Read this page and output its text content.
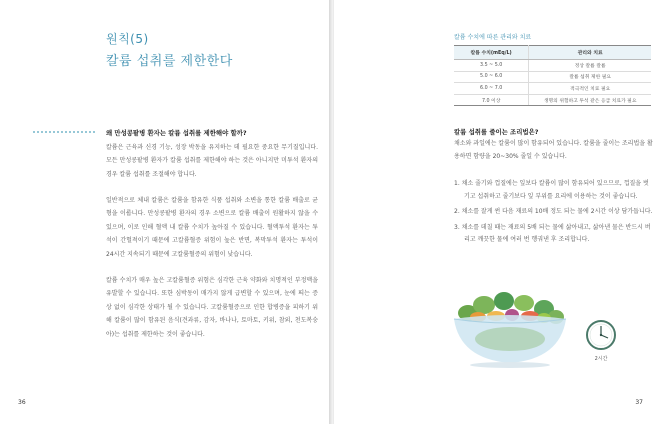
원칙(5)
칼륨 섭취를 제한한다
왜 만성콩팥병 환자는 칼륨 섭취를 제한해야 할까?

칼륨은 근육과 신경 기능, 성장 박동을 유지하는 데 필요한 중요한 무기질입니다. 모든 만성콩팥병 환자가 칼륨 섭취를 제한해야 하는 것은 아니지만 미투석 환자의 경우 칼륨 섭취를 조절해야 합니다.

일반적으로 체내 칼륨은 칼륨을 함유한 식품 섭취와 소변을 통한 칼륨 배출로 균형을 이룹니다. 만성콩팥병 환자의 경우 소변으로 칼륨 배출이 원활하지 않을 수 있으며, 이로 인해 혈액 내 칼륨 수치가 높아질 수 있습니다. 혈액투석 환자는 투석이 간헐적이기 때문에 고칼륨혈증 위험이 높은 반면, 복막투석 환자는 투석이 24시간 지속되기 때문에 고칼륨혈증의 위험이 낮습니다.

칼륨 수치가 매우 높은 고칼륨혈증 위험은 심각한 근육 약화와 치명적인 부정맥을 유발할 수 있습니다. 또한 심박동이 매가지 않게 급변할 수 있으며, 눈에 띄는 증상 없이 심각한 상태가 될 수 있습니다. 고칼륨혈증으로 인한 합병증을 피하기 위해 칼륨이 많이 함유된 음식(견과류, 감자, 바나나, 토마토, 키위, 참외, 천도복숭아)는 섭취를 제한하는 것이 좋습니다.

36
칼륨 수치에 따른 관리와 치료
칼륨 수치(mEq/L)	관리와 치료
3.5 ~ 5.0	정상 칼륨 칼륨
5.0 ~ 6.0	칼륨 섭취 제한 필요
6.0 ~ 7.0	적극적인 치료 필요
7.0 이상	생명의 위험하고 투석 같은 응급 치료가 필요
칼륨 섭취를 줄이는 조리법은?

채소와 과일에는 칼륨이 많이 함유되어 있습니다. 칼륨을 줄이는 조리법을 활용하면 함량을 20~30% 줄일 수 있습니다.

1. 채소 줄기와 껍질에는 잎보다 칼륨이 많이 함유되어 있으므로, 껍질을 벗기고 섭취하고 줄기보다 잎 부위를 요리에 이용하는 것이 좋습니다.
2. 채소를 잘게 썬 다음 재료의 10배 정도 되는 물에 2시간 이상 담가둡니다.
3. 채소를 데칠 때는 재료의 5배 되는 물에 삶아내고, 삶아낸 물은 반드시 버리고 깨끗한 물에 여러 번 헹궈낸 후 조리합니다.
37
2시간
